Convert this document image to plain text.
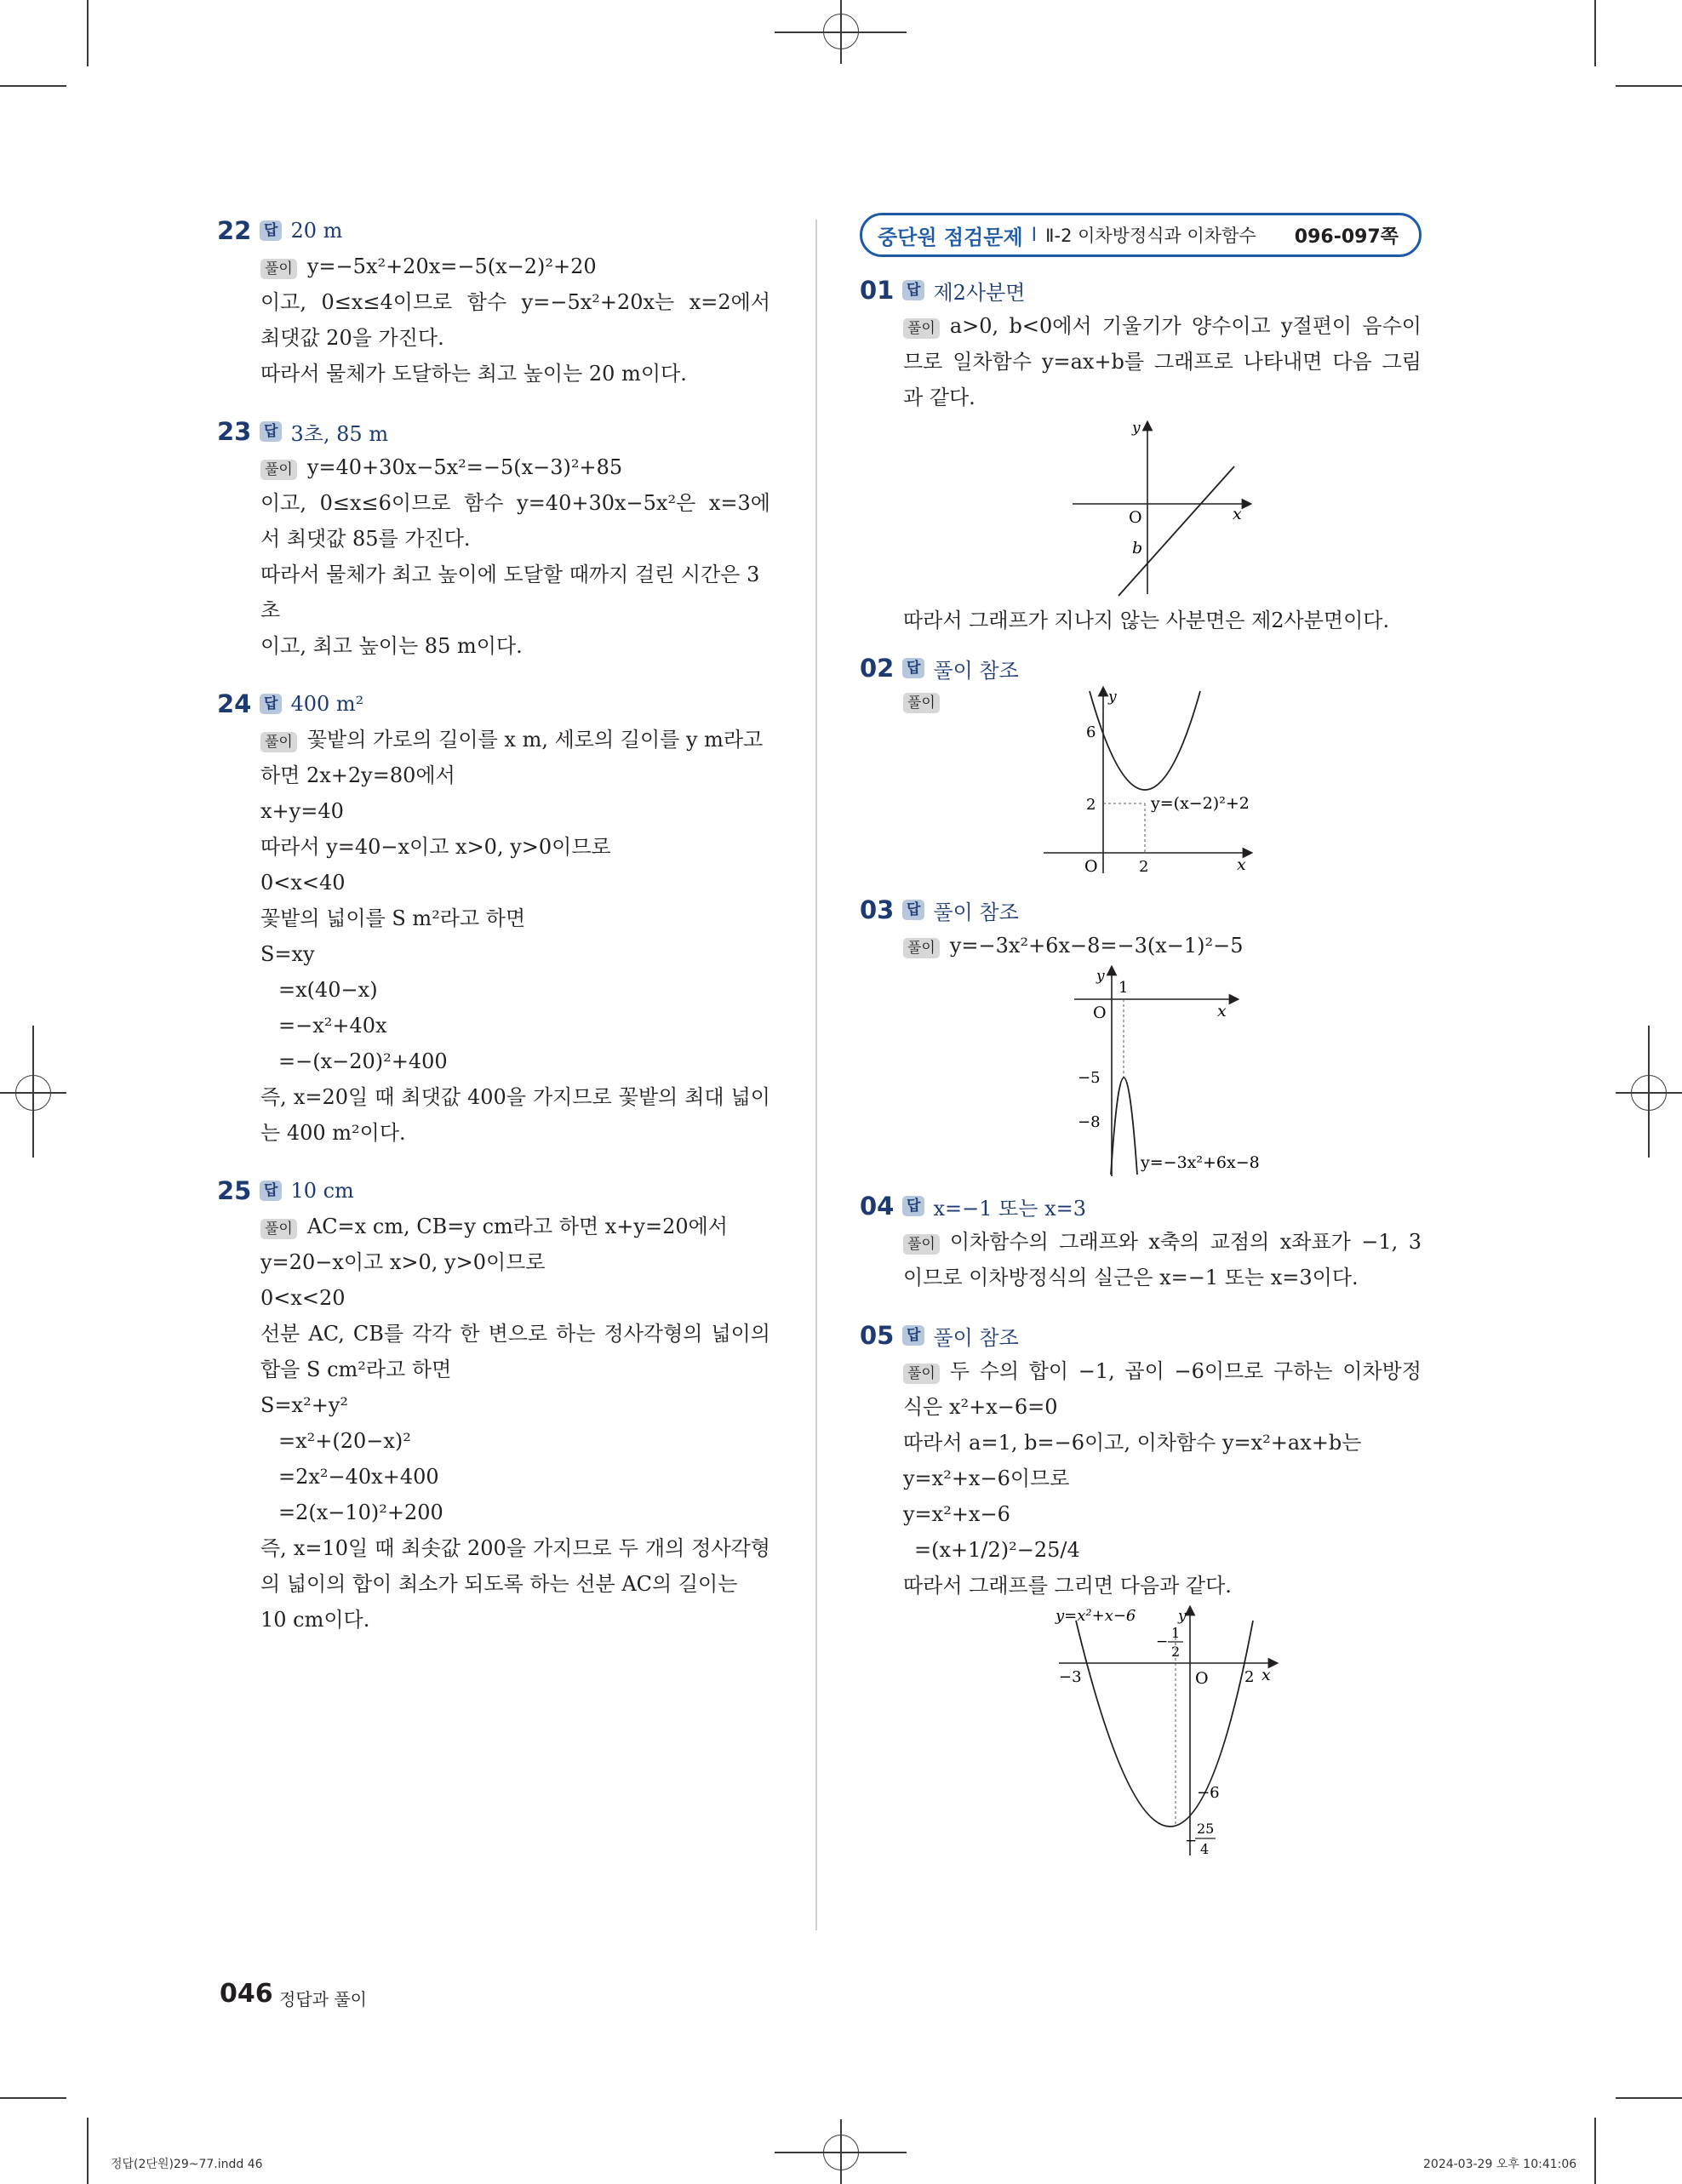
22 답 20 m
풀이 y=−5x²+20x=−5(x−2)²+20
이고, 0≤x≤4이므로 함수 y=−5x²+20x는 x=2에서
최댓값 20을 가진다.
따라서 물체가 도달하는 최고 높이는 20 m이다.
23 답 3초, 85 m
풀이 y=40+30x−5x²=−5(x−3)²+85
이고, 0≤x≤6이므로 함수 y=40+30x−5x²은 x=3에
서 최댓값 85를 가진다.
따라서 물체가 최고 높이에 도달할 때까지 걸린 시간은 3초
이고, 최고 높이는 85 m이다.
24 답 400 m²
풀이 꽃밭의 가로의 길이를 x m, 세로의 길이를 y m라고
하면 2x+2y=80에서
x+y=40
따라서 y=40−x이고 x>0, y>0이므로
0<x<40
꽃밭의 넓이를 S m²라고 하면
S=xy
=x(40−x)
=−x²+40x
=−(x−20)²+400
즉, x=20일 때 최댓값 400을 가지므로 꽃밭의 최대 넓이
는 400 m²이다.
25 답 10 cm
풀이 AC=x cm, CB=y cm라고 하면 x+y=20에서
y=20−x이고 x>0, y>0이므로
0<x<20
선분 AC, CB를 각각 한 변으로 하는 정사각형의 넓이의
합을 S cm²라고 하면
S=x²+y²
=x²+(20−x)²
=2x²−40x+400
=2(x−10)²+200
즉, x=10일 때 최솟값 200을 가지므로 두 개의 정사각형
의 넓이의 합이 최소가 되도록 하는 선분 AC의 길이는
10 cm이다.
중단원 점검문제 I Ⅱ-2 이차방정식과 이차함수 096-097쪽
01 답 제2사분면
풀이 a>0, b<0에서 기울기가 양수이고 y절편이 음수이
므로 일차함수 y=ax+b를 그래프로 나타내면 다음 그림
과 같다.
y
x
O
b
따라서 그래프가 지나지 않는 사분면은 제2사분면이다.
02 답 풀이 참조
풀이	y
x
O
6
2
2
y=(x−2)²+2
03 답 풀이 참조
풀이 y=−3x²+6x−8=−3(x−1)²−5
y
x
O
1
−5
−8
y=−3x²+6x−8
04 답 x=−1 또는 x=3
풀이 이차함수의 그래프와 x축의 교점의 x좌표가 −1, 3
이므로 이차방정식의 실근은 x=−1 또는 x=3이다.
05 답 풀이 참조
풀이 두 수의 합이 −1, 곱이 −6이므로 구하는 이차방정
식은 x²+x−6=0
따라서 a=1, b=−6이고, 이차함수 y=x²+ax+b는
y=x²+x−6이므로
y=x²+x−6
=(x+1/2)²−25/4
따라서 그래프를 그리면 다음과 같다.
y=x²+x−6	y
x
O
−3	2
−
1
2
−6
−
25
4
046 정답과 풀이
정답(2단원)29~77.indd 46	2024-03-29 오후 10:41:06
